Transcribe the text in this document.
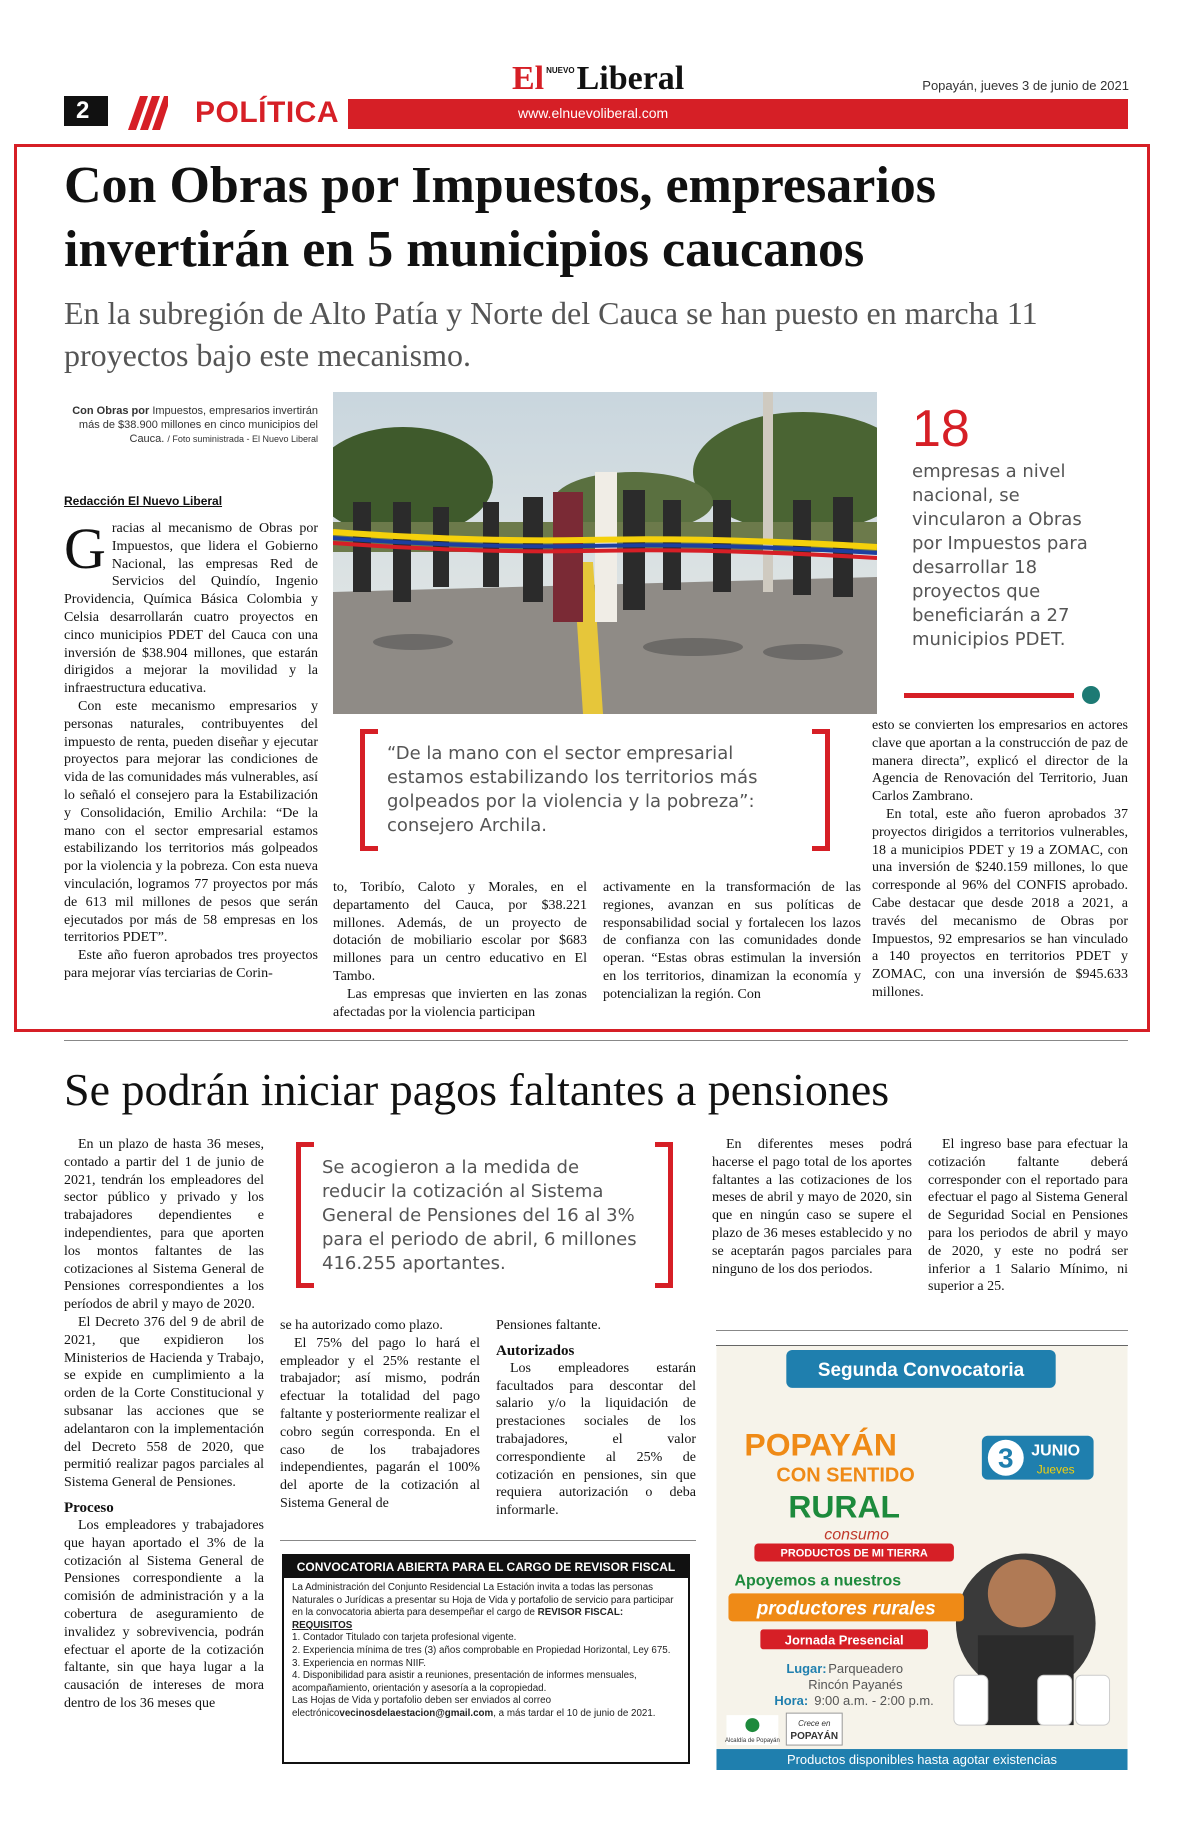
2	POLÍTICA	www.elnuevoliberal.com
El $^{NUEVO}$Liberal	Popayán, jueves 3 de junio de 2021
Con Obras por Impuestos, empresarios invertirán en 5 municipios caucanos
En la subregión de Alto Patía y Norte del Cauca se han puesto en marcha 11 proyectos bajo este mecanismo.
Con Obras por Impuestos, empresarios invertirán más de $38.900 millones en cinco municipios del Cauca. / Foto suministrada - El Nuevo Liberal
Redacción El Nuevo Liberal

Gracias al mecanismo de Obras por Impuestos, que lidera el Gobierno Nacional, las empresas Red de Servicios del Quindío, Ingenio Providencia, Química Básica Colombia y Celsia desarrollarán cuatro proyectos en cinco municipios PDET del Cauca con una inversión de $38.904 millones, que estarán dirigidos a mejorar la movilidad y la infraestructura educativa.

Con este mecanismo empresarios y personas naturales, contribuyentes del impuesto de renta, pueden diseñar y ejecutar proyectos para mejorar las condiciones de vida de las comunidades más vulnerables, así lo señaló el consejero para la Estabilización y Consolidación, Emilio Archila: “De la mano con el sector empresarial estamos estabilizando los territorios más golpeados por la violencia y la pobreza. Con esta nueva vinculación, logramos 77 proyectos por más de 613 mil millones de pesos que serán ejecutados por más de 58 empresas en los territorios PDET”.

Este año fueron aprobados tres proyectos para mejorar vías terciarias de Corin-

to, Toribío, Caloto y Morales, en el departamento del Cauca, por $38.221 millones. Además, de un proyecto de dotación de mobiliario escolar por $683 millones para un centro educativo en El Tambo.

Las empresas que invierten en las zonas afectadas por la violencia participan

activamente en la transformación de las regiones, avanzan en sus políticas de responsabilidad social y fortalecen los lazos de confianza con las comunidades donde operan. “Estas obras estimulan la inversión en los territorios, dinamizan la economía y potencializan la región. Con

esto se convierten los empresarios en actores clave que aportan a la construcción de paz de manera directa”, explicó el director de la Agencia de Renovación del Territorio, Juan Carlos Zambrano.

En total, este año fueron aprobados 37 proyectos dirigidos a territorios vulnerables, 18 a municipios PDET y 19 a ZOMAC, con una inversión de $240.159 millones, lo que corresponde al 96% del CONFIS aprobado. Cabe destacar que desde 2018 a 2021, a través del mecanismo de Obras por Impuestos, 92 empresarios se han vinculado a 140 proyectos en territorios PDET y ZOMAC, con una inversión de $945.633 millones.

18
empresas a nivel nacional, se vincularon a Obras por Impuestos para desarrollar 18 proyectos que beneficiarán a 27 municipios PDET.
“De la mano con el sector empresarial estamos estabilizando los territorios más golpeados por la violencia y la pobreza”: consejero Archila.
Se podrán iniciar pagos faltantes a pensiones

En un plazo de hasta 36 meses, contado a partir del 1 de junio de 2021, tendrán los empleadores del sector público y privado y los trabajadores dependientes e independientes, para que aporten los montos faltantes de las cotizaciones al Sistema General de Pensiones correspondientes a los períodos de abril y mayo de 2020.

El Decreto 376 del 9 de abril de 2021, que expidieron los Ministerios de Hacienda y Trabajo, se expide en cumplimiento a la orden de la Corte Constitucional y subsanar las acciones que se adelantaron con la implementación del Decreto 558 de 2020, que permitió realizar pagos parciales al Sistema General de Pensiones.

Proceso

Los empleadores y trabajadores que hayan aportado el 3% de la cotización al Sistema General de Pensiones correspondiente a la comisión de administración y a la cobertura de aseguramiento de invalidez y sobrevivencia, podrán efectuar el aporte de la cotización faltante, sin que haya lugar a la causación de intereses de mora dentro de los 36 meses que

Se acogieron a la medida de reducir la cotización al Sistema General de Pensiones del 16 al 3% para el periodo de abril, 6 millones 416.255 aportantes.

se ha autorizado como plazo.

El 75% del pago lo hará el empleador y el 25% restante el trabajador; así mismo, podrán efectuar la totalidad del pago faltante y posteriormente realizar el cobro según corresponda. En el caso de los trabajadores independientes, pagarán el 100% del aporte de la cotización al Sistema General de

Pensiones faltante.

Autorizados

Los empleadores estarán facultados para descontar del salario y/o la liquidación de prestaciones sociales de los trabajadores, el valor correspondiente al 25% de cotización en pensiones, sin que requiera autorización o deba informarle.

En diferentes meses podrá hacerse el pago total de los aportes faltantes a las cotizaciones de los meses de abril y mayo de 2020, sin que en ningún caso se supere el plazo de 36 meses establecido y no se aceptarán pagos parciales para ninguno de los dos periodos.

El ingreso base para efectuar la cotización faltante deberá corresponder con el reportado para efectuar el pago al Sistema General de Seguridad Social en Pensiones para los periodos de abril y mayo de 2020, y este no podrá ser inferior a 1 Salario Mínimo, ni superior a 25.

CONVOCATORIA ABIERTA PARA EL CARGO DE REVISOR FISCAL
La Administración del Conjunto Residencial La Estación invita a todas las personas Naturales o Jurídicas a presentar su Hoja de Vida y portafolio de servicio para participar en la convocatoria abierta para desempeñar el cargo de REVISOR FISCAL:
REQUISITOS
1. Contador Titulado con tarjeta profesional vigente.
2. Experiencia mínima de tres (3) años comprobable en Propiedad Horizontal, Ley 675.
3. Experiencia en normas NIIF.
4. Disponibilidad para asistir a reuniones, presentación de informes mensuales, acompañamiento, orientación y asesoría a la copropiedad.
Las Hojas de Vida y portafolio deben ser enviados al correo electrónicovecinosdelaestacion@gmail.com, a más tardar el 10 de junio de 2021.
Segunda Convocatoria
POPAYÁN
CON SENTIDO
RURAL
consumo
PRODUCTOS DE MI TIERRA
3 JUNIO
Jueves
Apoyemos a nuestros
productores rurales
Jornada Presencial
Lugar: Parqueadero
Rincón Payanés
Hora: 9:00 a.m. - 2:00 p.m.
Alcaldía de Popayán
Crece en
POPAYÁN
Productos disponibles hasta agotar existencias
